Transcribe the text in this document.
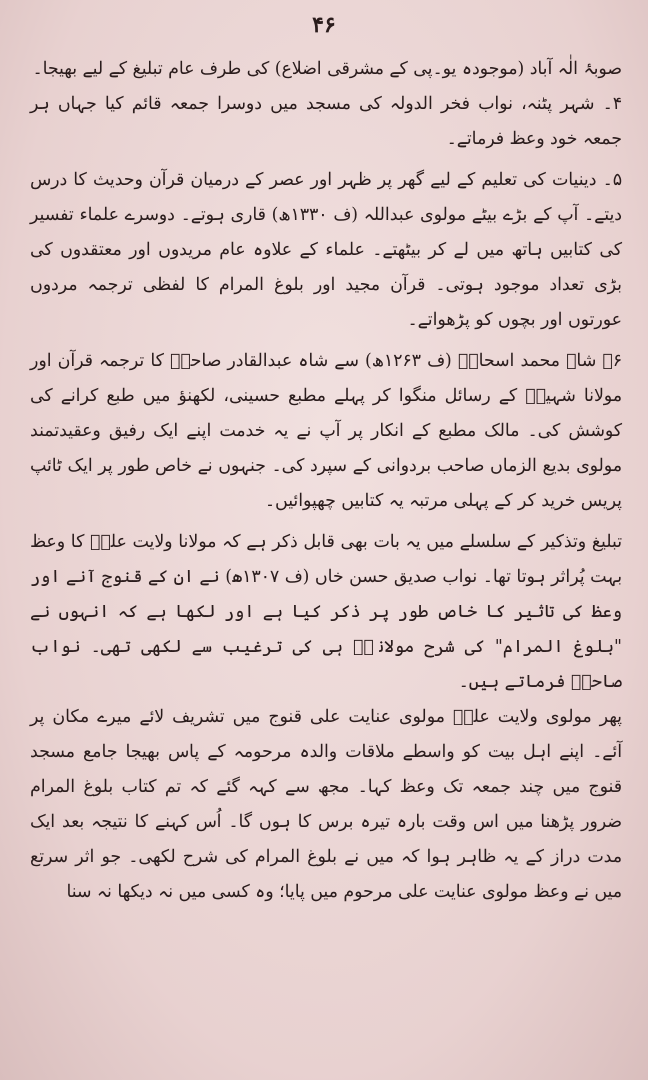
۴۶

صوبۂ الٰہ آباد (موجودہ یو۔پی کے مشرقی اضلاع) کی طرف عام تبلیغ کے لیے بھیجا۔

۴۔ شہر پٹنہ، نواب فخر الدولہ کی مسجد میں دوسرا جمعہ قائم کیا جہاں ہر جمعہ خود وعظ فرماتے۔

۵۔ دینیات کی تعلیم کے لیے گھر پر ظہر اور عصر کے درمیان قرآن وحدیث کا درس دیتے۔ آپ کے بڑے بیٹے مولوی عبداللہ (ف ۱۳۳۰ھ) قاری ہوتے۔ دوسرے علماء تفسیر کی کتابیں ہاتھ میں لے کر بیٹھتے۔ علماء کے علاوہ عام مریدوں اور معتقدوں کی بڑی تعداد موجود ہوتی۔ قرآن مجید اور بلوغ المرام کا لفظی ترجمہ مردوں عورتوں اور بچوں کو پڑھواتے۔

۶۔ شاہ محمد اسحاقؒ (ف ۱۲۶۳ھ) سے شاہ عبدالقادر صاحبؒ کا ترجمہ قرآن اور مولانا شہیدؒ کے رسائل منگوا کر پہلے مطبع حسینی، لکھنؤ میں طبع کرانے کی کوشش کی۔ مالک مطبع کے انکار پر آپ نے یہ خدمت اپنے ایک رفیق وعقیدتمند مولوی بدیع الزماں صاحب بردوانی کے سپرد کی۔ جنہوں نے خاص طور پر ایک ٹائپ پریس خرید کر کے پہلی مرتبہ یہ کتابیں چھپوائیں۔

تبلیغ وتذکیر کے سلسلے میں یہ بات بھی قابل ذکر ہے کہ مولانا ولایت علیؒ کا وعظ بہت پُراثر ہوتا تھا۔ نواب صدیق حسن خاں (ف ۱۳۰۷ھ) نے ان کے قنوج آنے اور وعظ کی تاثیر کا خاص طور پر ذکر کیا ہے اور لکھا ہے کہ انہوں نے "بلوغ المرام" کی شرح مولاناؒ ہی کی ترغیب سے لکھی تھی۔ نواب صاحبؒ فرماتے ہیں۔

پھر مولوی ولایت علیؒ مولوی عنایت علی قنوج میں تشریف لائے میرے مکان پر آئے۔ اپنے اہل بیت کو واسطے ملاقات والدہ مرحومہ کے پاس بھیجا جامع مسجد قنوج میں چند جمعہ تک وعظ کہا۔ مجھ سے کہہ گئے کہ تم کتاب بلوغ المرام ضرور پڑھنا میں اس وقت بارہ تیرہ برس کا ہوں گا۔ اُس کہنے کا نتیجہ بعد ایک مدت دراز کے یہ ظاہر ہوا کہ میں نے بلوغ المرام کی شرح لکھی۔ جو اثر سرتع میں نے وعظ مولوی عنایت علی مرحوم میں پایا؛ وہ کسی میں نہ دیکھا نہ سنا
